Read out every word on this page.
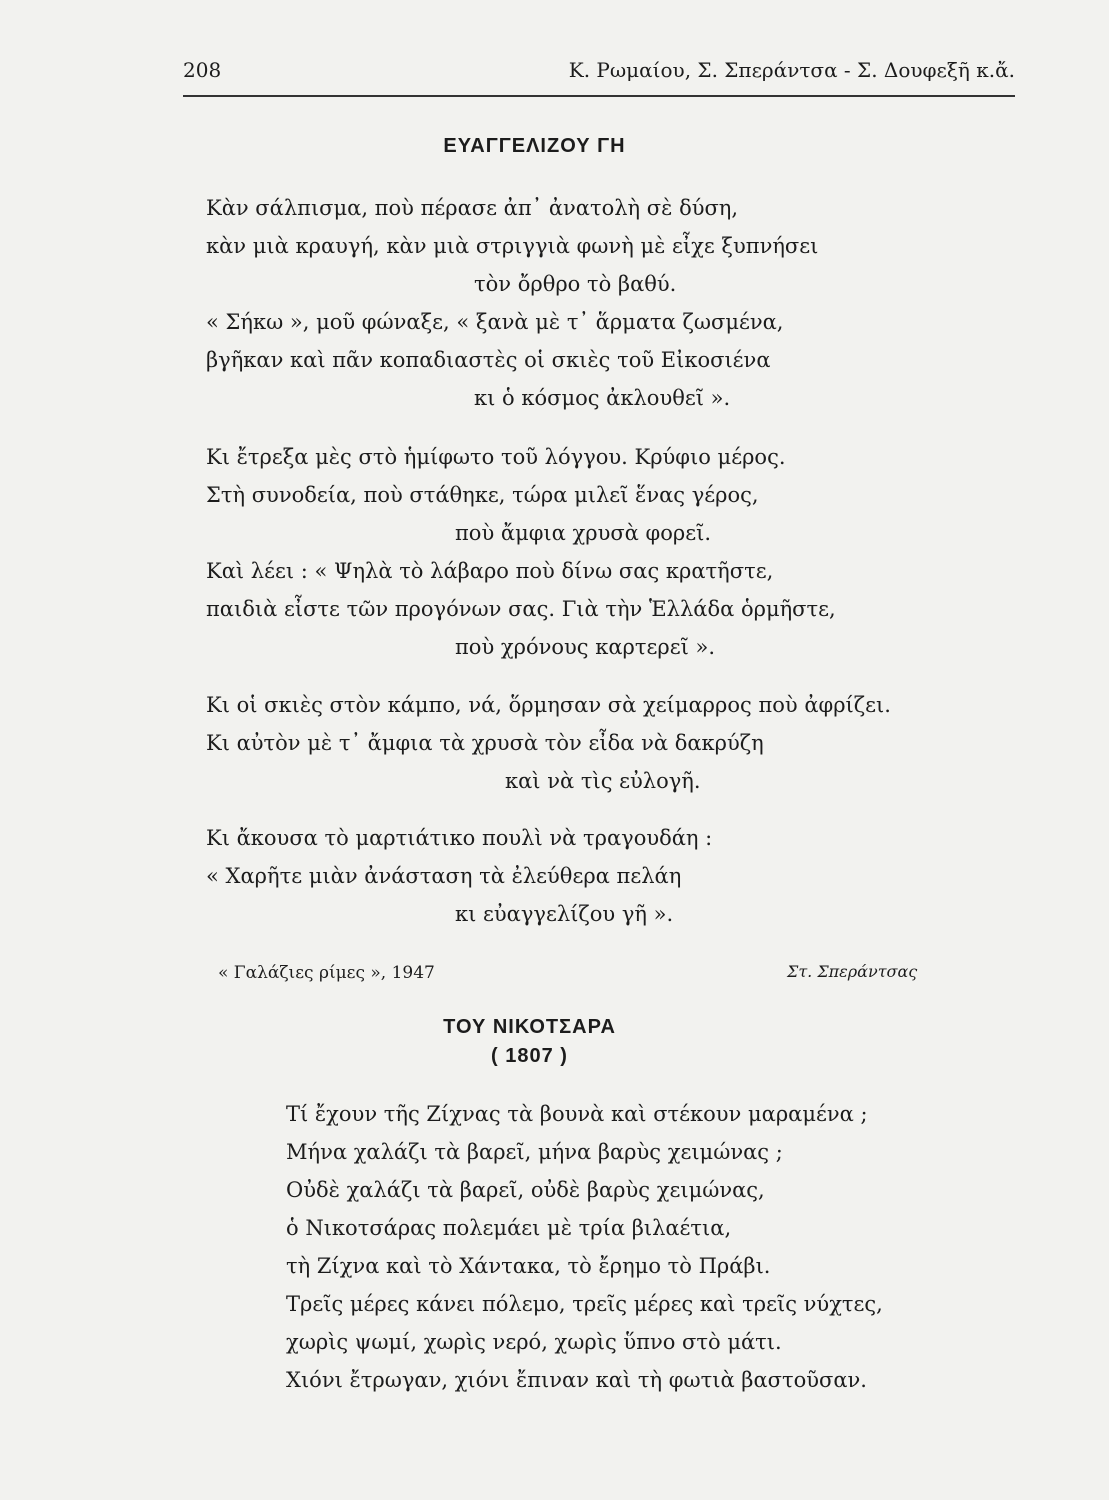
208	Κ. Ρωμαίου, Σ. Σπεράντσα - Σ. Δουφεξῆ κ.ἄ.
ΕΥΑΓΓΕΛΙΖΟΥ ΓΗ
Κὰν σάλπισμα, ποὺ πέρασε ἀπ᾽ ἀνατολὴ σὲ δύση,
κὰν μιὰ κραυγή, κὰν μιὰ στριγγιὰ φωνὴ μὲ εἶχε ξυπνήσει
τὸν ὄρθρο τὸ βαθύ.
« Σήκω », μοῦ φώναξε, « ξανὰ μὲ τ᾽ ἅρματα ζωσμένα,
βγῆκαν καὶ πᾶν κοπαδιαστὲς οἱ σκιὲς τοῦ Εἰκοσιένα
κι ὁ κόσμος ἀκλουθεῖ ».
Κι ἔτρεξα μὲς στὸ ἡμίφωτο τοῦ λόγγου. Κρύφιο μέρος.
Στὴ συνοδεία, ποὺ στάθηκε, τώρα μιλεῖ ἕνας γέρος,
ποὺ ἄμφια χρυσὰ φορεῖ.
Καὶ λέει : « Ψηλὰ τὸ λάβαρο ποὺ δίνω σας κρατῆστε,
παιδιὰ εἶστε τῶν προγόνων σας. Γιὰ τὴν Ἑλλάδα ὁρμῆστε,
ποὺ χρόνους καρτερεῖ ».
Κι οἱ σκιὲς στὸν κάμπο, νά, ὅρμησαν σὰ χείμαρρος ποὺ ἀφρίζει.
Κι αὐτὸν μὲ τ᾽ ἄμφια τὰ χρυσὰ τὸν εἶδα νὰ δακρύζη
καὶ νὰ τὶς εὐλογῆ.
Κι ἄκουσα τὸ μαρτιάτικο πουλὶ νὰ τραγουδάη :
« Χαρῆτε μιὰν ἀνάσταση τὰ ἐλεύθερα πελάη
κι εὐαγγελίζου γῆ ».
« Γαλάζιες ρίμες », 1947	Στ. Σπεράντσας
ΤΟΥ ΝΙΚΟΤΣΑΡΑ
( 1807 )
Τί ἔχουν τῆς Ζίχνας τὰ βουνὰ καὶ στέκουν μαραμένα ;
Μήνα χαλάζι τὰ βαρεῖ, μήνα βαρὺς χειμώνας ;
Οὐδὲ χαλάζι τὰ βαρεῖ, οὐδὲ βαρὺς χειμώνας,
ὁ Νικοτσάρας πολεμάει μὲ τρία βιλαέτια,
τὴ Ζίχνα καὶ τὸ Χάντακα, τὸ ἔρημο τὸ Πράβι.
Τρεῖς μέρες κάνει πόλεμο, τρεῖς μέρες καὶ τρεῖς νύχτες,
χωρὶς ψωμί, χωρὶς νερό, χωρὶς ὕπνο στὸ μάτι.
Χιόνι ἔτρωγαν, χιόνι ἔπιναν καὶ τὴ φωτιὰ βαστοῦσαν.
